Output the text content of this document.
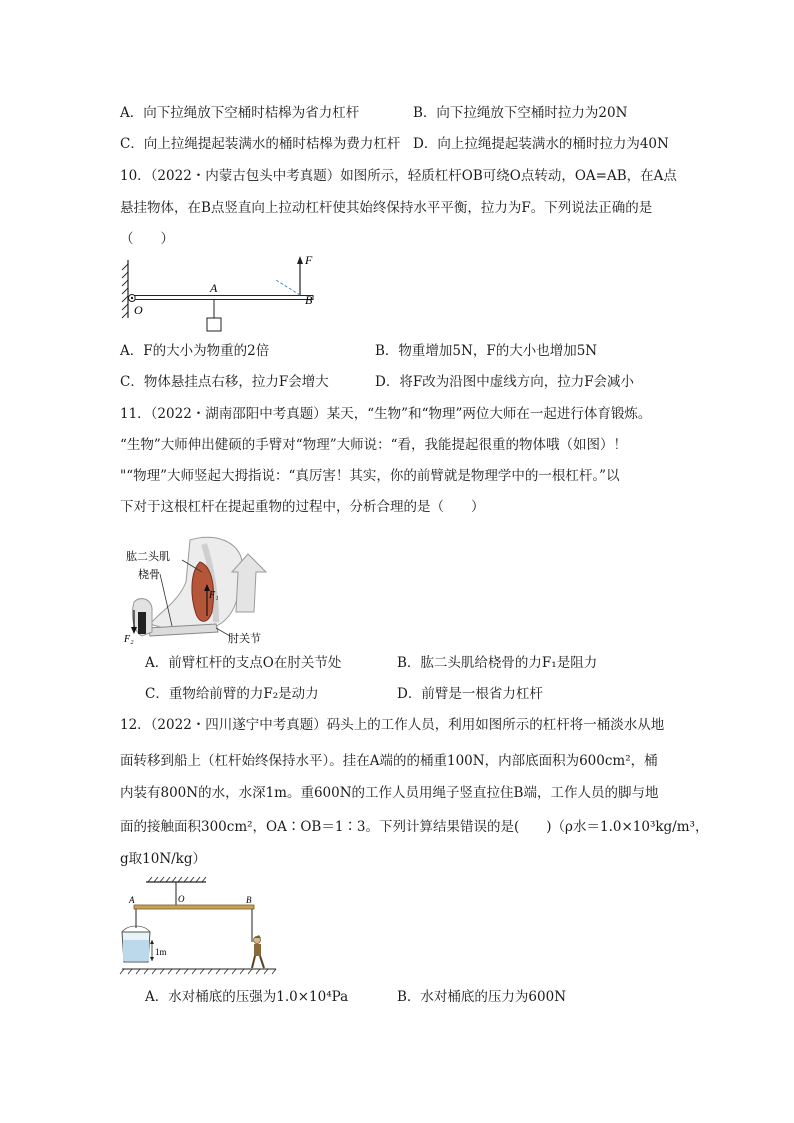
A．向下拉绳放下空桶时桔槔为省力杠杆	B．向下拉绳放下空桶时拉力为20N
C．向上拉绳提起装满水的桶时桔槔为费力杠杆 D．向上拉绳提起装满水的桶时拉力为40N
10．（2022・内蒙古包头中考真题）如图所示，轻质杠杆OB可绕O点转动，OA=AB，在A点
悬挂物体，在B点竖直向上拉动杠杆使其始终保持水平平衡，拉力为F。下列说法正确的是
（　　）
O
A
B
F
A．F的大小为物重的2倍	B．物重增加5N，F的大小也增加5N
C．物体悬挂点右移，拉力F会增大	D．将F改为沿图中虚线方向，拉力F会减小
11．（2022・湖南邵阳中考真题）某天，“生物”和“物理”两位大师在一起进行体育锻炼。
“生物”大师伸出健硕的手臂对“物理”大师说：“看，我能提起很重的物体哦（如图）！
"“物理”大师竖起大拇指说：“真厉害！其实，你的前臂就是物理学中的一根杠杆。”以
下对于这根杠杆在提起重物的过程中，分析合理的是（　　）
肱二头肌
桡骨
肘关节
F₁
F₂
A．前臂杠杆的支点O在肘关节处	B．肱二头肌给桡骨的力F₁是阻力
C．重物给前臂的力F₂是动力	D．前臂是一根省力杠杆
12．（2022・四川遂宁中考真题）码头上的工作人员，利用如图所示的杠杆将一桶淡水从地
面转移到船上（杠杆始终保持水平）。挂在A端的的桶重100N，内部底面积为600cm²，桶
内装有800N的水，水深1m。重600N的工作人员用绳子竖直拉住B端，工作人员的脚与地
面的接触面积300cm²，OA∶OB＝1∶3。下列计算结果错误的是(　　)（ρ水＝1.0×10³kg/m³，
g取10N/kg）
1m
A	O	B
A．水对桶底的压强为1.0×10⁴Pa	B．水对桶底的压力为600N
